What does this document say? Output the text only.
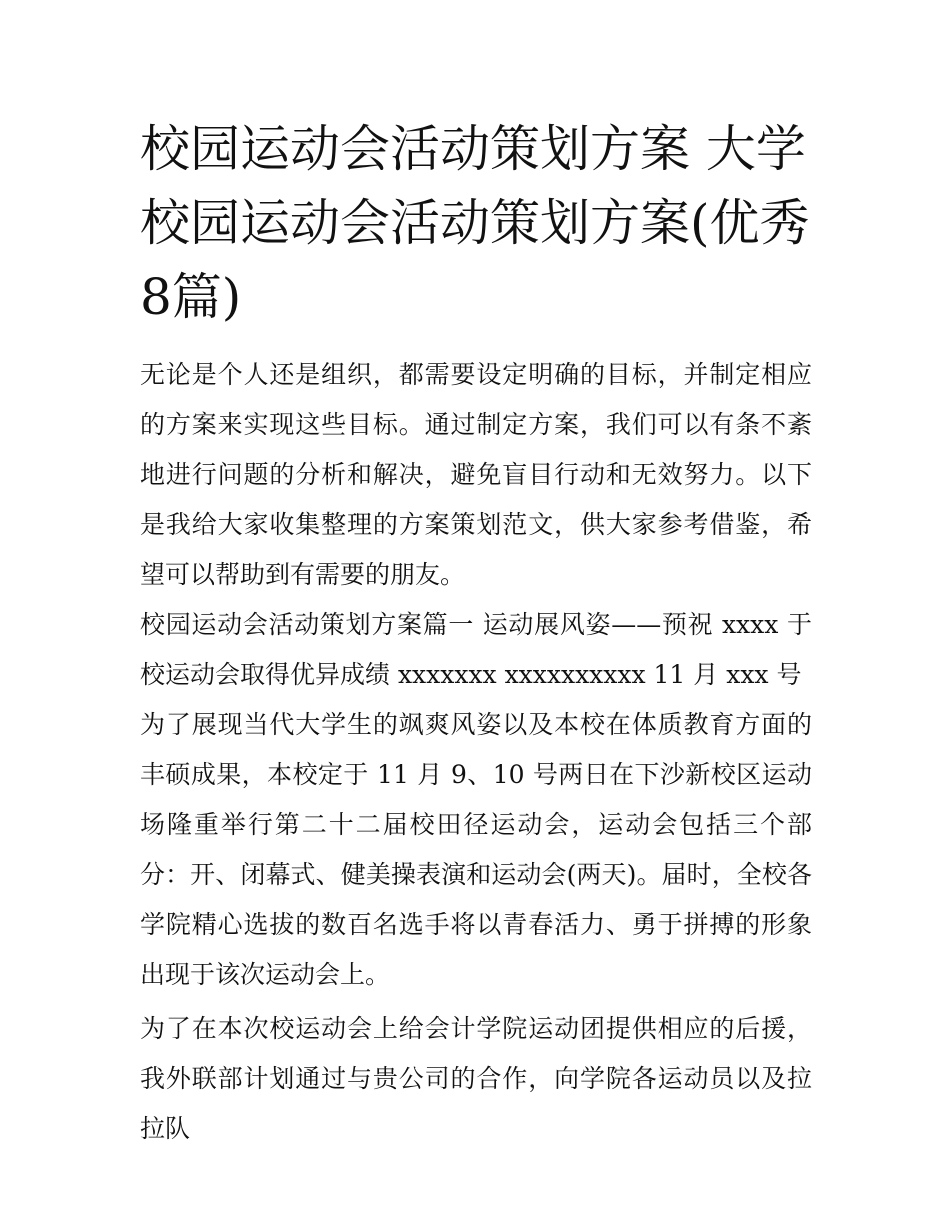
校园运动会活动策划方案 大学校园运动会活动策划方案(优秀8篇)

无论是个人还是组织，都需要设定明确的目标，并制定相应的方案来实现这些目标。通过制定方案，我们可以有条不紊地进行问题的分析和解决，避免盲目行动和无效努力。以下是我给大家收集整理的方案策划范文，供大家参考借鉴，希望可以帮助到有需要的朋友。

校园运动会活动策划方案篇一 运动展风姿——预祝 xxxx 于校运动会取得优异成绩 xxxxxxx xxxxxxxxxx 11 月 xxx 号

为了展现当代大学生的飒爽风姿以及本校在体质教育方面的丰硕成果，本校定于 11 月 9、10 号两日在下沙新校区运动场隆重举行第二十二届校田径运动会，运动会包括三个部分：开、闭幕式、健美操表演和运动会(两天)。届时，全校各学院精心选拔的数百名选手将以青春活力、勇于拼搏的形象出现于该次运动会上。

为了在本次校运动会上给会计学院运动团提供相应的后援，我外联部计划通过与贵公司的合作，向学院各运动员以及拉拉队
